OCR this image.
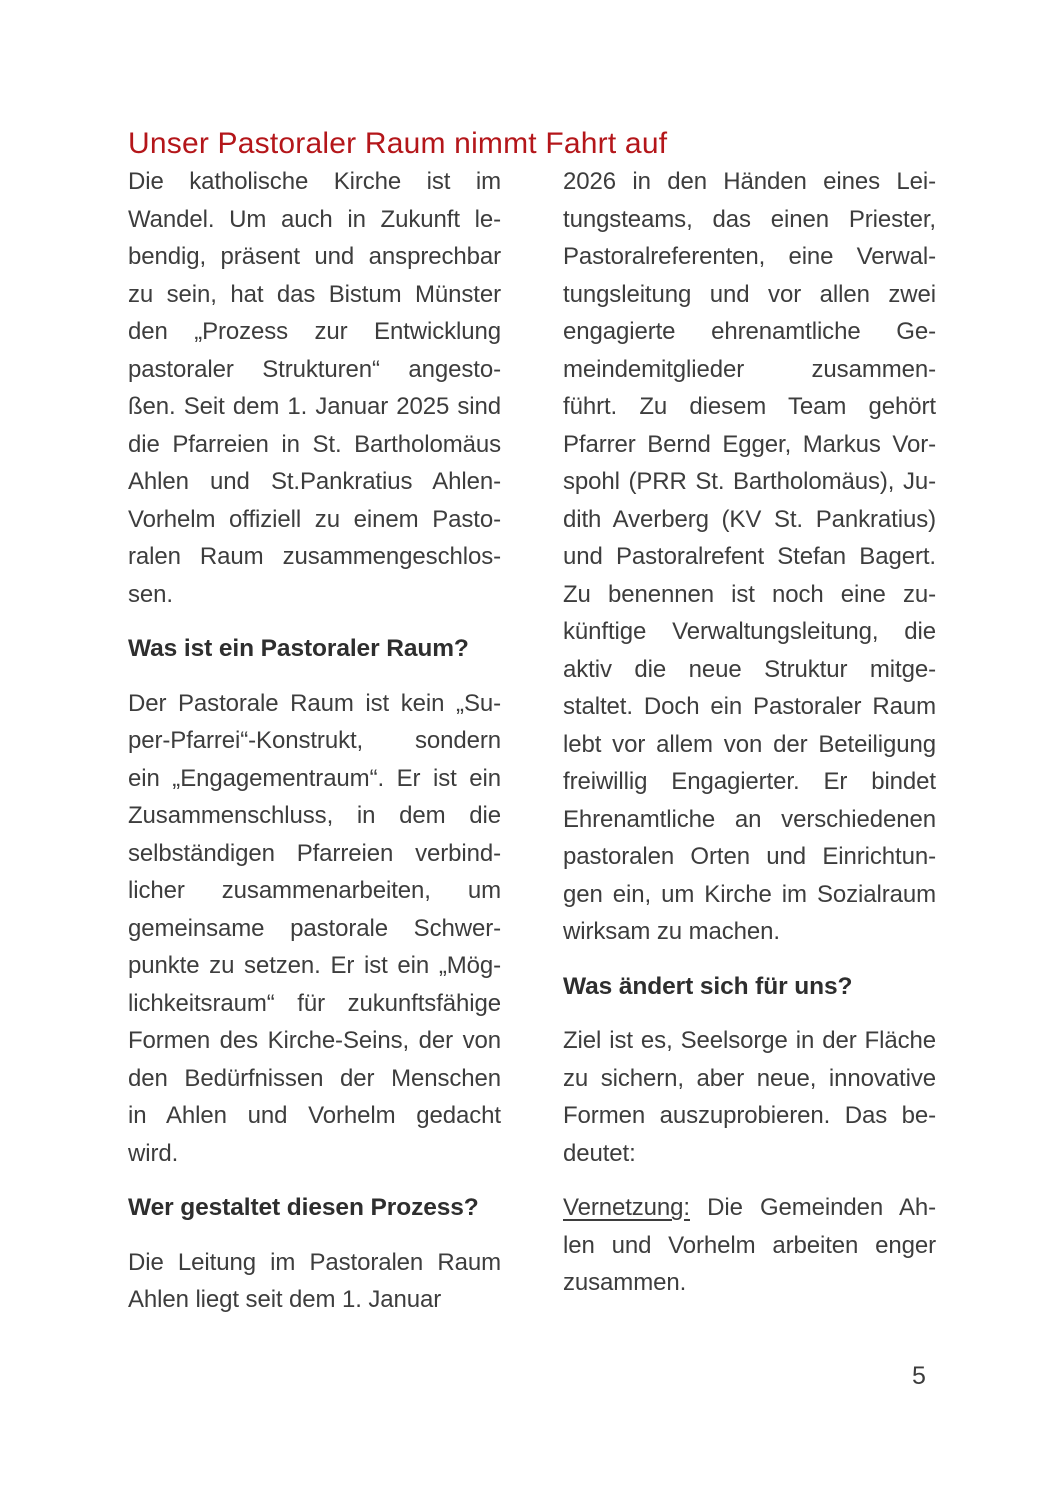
Unser Pastoraler Raum nimmt Fahrt auf

Die katholische Kirche ist im
Wandel. Um auch in Zukunft le-
bendig, präsent und ansprechbar
zu sein, hat das Bistum Münster
den „Prozess zur Entwicklung
pastoraler Strukturen“ angesto-
ßen. Seit dem 1. Januar 2025 sind
die Pfarreien in St. Bartholomäus
Ahlen und St.Pankratius Ahlen-
Vorhelm offiziell zu einem Pasto-
ralen Raum zusammengeschlos-
sen.

Was ist ein Pastoraler Raum?

Der Pastorale Raum ist kein „Su-
per-Pfarrei“-Konstrukt, sondern
ein „Engagementraum“. Er ist ein
Zusammenschluss, in dem die
selbständigen Pfarreien verbind-
licher zusammenarbeiten, um
gemeinsame pastorale Schwer-
punkte zu setzen. Er ist ein „Mög-
lichkeitsraum“ für zukunftsfähige
Formen des Kirche-Seins, der von
den Bedürfnissen der Menschen
in Ahlen und Vorhelm gedacht
wird.

Wer gestaltet diesen Prozess?

Die Leitung im Pastoralen Raum
Ahlen liegt seit dem 1. Januar

2026 in den Händen eines Lei-
tungsteams, das einen Priester,
Pastoralreferenten, eine Verwal-
tungsleitung und vor allen zwei
engagierte ehrenamtliche Ge-
meindemitglieder zusammen-
führt. Zu diesem Team gehört
Pfarrer Bernd Egger, Markus Vor-
spohl (PRR St. Bartholomäus), Ju-
dith Averberg (KV St. Pankratius)
und Pastoralrefent Stefan Bagert.
Zu benennen ist noch eine zu-
künftige Verwaltungsleitung, die
aktiv die neue Struktur mitge-
staltet. Doch ein Pastoraler Raum
lebt vor allem von der Beteiligung
freiwillig Engagierter. Er bindet
Ehrenamtliche an verschiedenen
pastoralen Orten und Einrichtun-
gen ein, um Kirche im Sozialraum
wirksam zu machen.

Was ändert sich für uns?

Ziel ist es, Seelsorge in der Fläche
zu sichern, aber neue, innovative
Formen auszuprobieren. Das be-
deutet:

Vernetzung: Die Gemeinden Ah-
len und Vorhelm arbeiten enger
zusammen.

5
